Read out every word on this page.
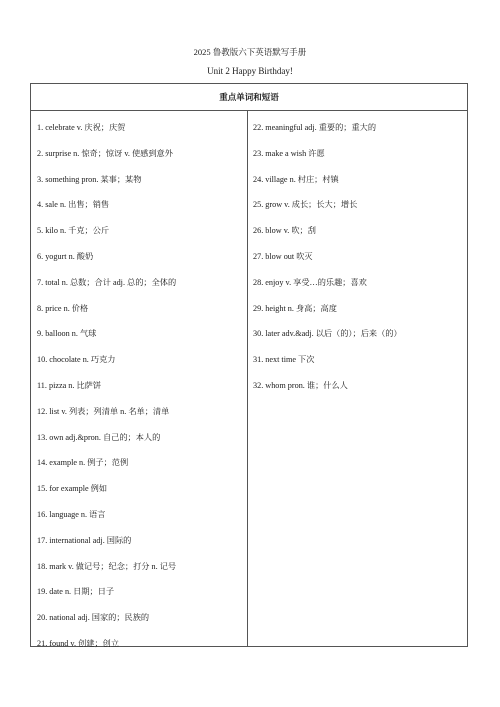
2025 鲁教版六下英语默写手册
Unit 2 Happy Birthday!
重点单词和短语
1. celebrate v. 庆祝；庆贺
2. surprise n. 惊奇；惊讶 v. 使感到意外
3. something pron. 某事；某物
4. sale n. 出售；销售
5. kilo n. 千克；公斤
6. yogurt n. 酸奶
7. total n. 总数；合计 adj. 总的；全体的
8. price n. 价格
9. balloon n. 气球
10. chocolate n. 巧克力
11. pizza n. 比萨饼
12. list v. 列表；列清单 n. 名单；清单
13. own adj.&pron. 自己的；本人的
14. example n. 例子；范例
15. for example 例如
16. language n. 语言
17. international adj. 国际的
18. mark v. 做记号；纪念；打分 n. 记号
19. date n. 日期；日子
20. national adj. 国家的；民族的
21. found v. 创建；创立
22. meaningful adj. 重要的；重大的
23. make a wish 许愿
24. village n. 村庄；村镇
25. grow v. 成长；长大；增长
26. blow v. 吹；刮
27. blow out 吹灭
28. enjoy v. 享受…的乐趣；喜欢
29. height n. 身高；高度
30. later adv.&adj. 以后（的）；后来（的）
31. next time 下次
32. whom pron. 谁；什么人
